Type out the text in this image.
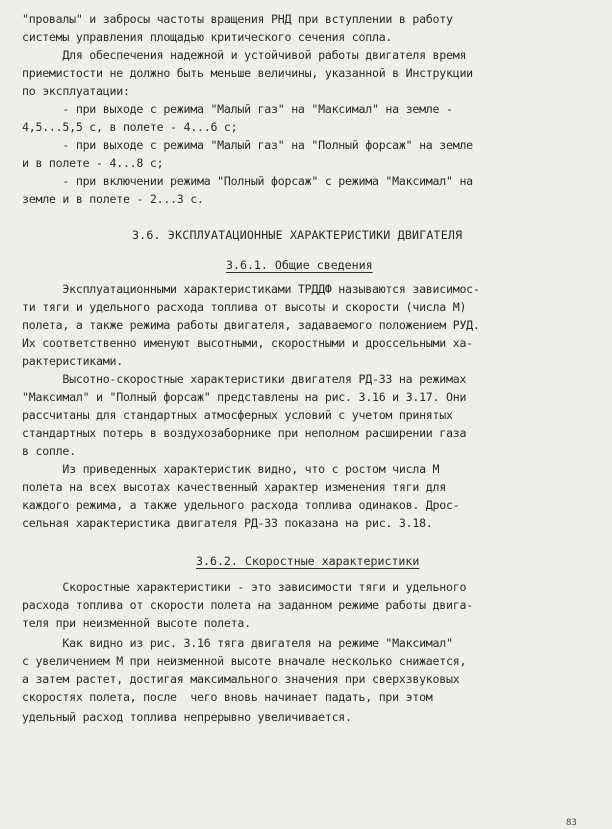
"провалы" и забросы частоты вращения РНД при вступлении в работу
системы управления площадью критического сечения сопла.
Для обеспечения надежной и устойчивой работы двигателя время
приемистости не должно быть меньше величины, указанной в Инструкции
по эксплуатации:
- при выходе с режима "Малый газ" на "Максимал" на земле -
4,5...5,5 с, в полете - 4...6 с;
- при выходе с режима "Малый газ" на "Полный форсаж" на земле
и в полете - 4...8 с;
- при включении режима "Полный форсаж" с режима "Максимал" на
земле и в полете - 2...3 с.
3.6. ЭКСПЛУАТАЦИОННЫЕ ХАРАКТЕРИСТИКИ ДВИГАТЕЛЯ
3.6.1. Общие сведения
Эксплуатационными характеристиками ТРДДФ называются зависимос-
ти тяги и удельного расхода топлива от высоты и скорости (числа М)
полета, а также режима работы двигателя, задаваемого положением РУД.
Их соответственно именуют высотными, скоростными и дроссельными ха-
рактеристиками.
Высотно-скоростные характеристики двигателя РД-33 на режимах
"Максимал" и "Полный форсаж" представлены на рис. 3.16 и 3.17. Они
рассчитаны для стандартных атмосферных условий с учетом принятых
стандартных потерь в воздухозаборнике при неполном расширении газа
в сопле.
Из приведенных характеристик видно, что с ростом числа М
полета на всех высотах качественный характер изменения тяги для
каждого режима, а также удельного расхода топлива одинаков. Дрос-
сельная характеристика двигателя РД-33 показана на рис. 3.18.
3.6.2. Скоростные характеристики
Скоростные характеристики - это зависимости тяги и удельного
расхода топлива от скорости полета на заданном режиме работы двига-
теля при неизменной высоте полета.
Как видно из рис. 3.16 тяга двигателя на режиме "Максимал"
с увеличением М при неизменной высоте вначале несколько снижается,
а затем растет, достигая максимального значения при сверхзвуковых
скоростях полета, после  чего вновь начинает падать, при этом
удельный расход топлива непрерывно увеличивается.
83
